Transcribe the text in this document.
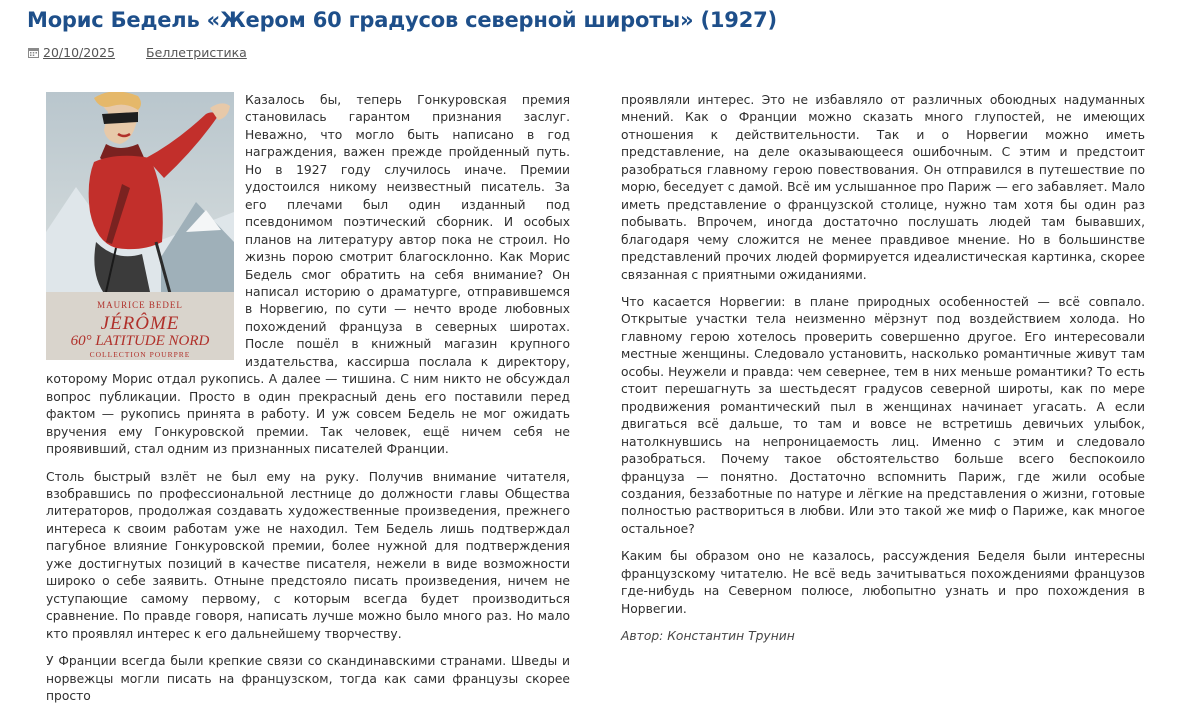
Морис Бедель «Жером 60 градусов северной широты» (1927)
20/10/2025 Беллетристика
MAURICE BEDEL
JÉRÔME
60° LATITUDE NORD
COLLECTION POURPRE

Казалось бы, теперь Гонкуровская премия становилась гарантом признания заслуг. Неважно, что могло быть написано в год награждения, важен прежде пройденный путь. Но в 1927 году случилось иначе. Премии удостоился никому неизвестный писатель. За его плечами был один изданный под псевдонимом поэтический сборник. И особых планов на литературу автор пока не строил. Но жизнь порою смотрит благосклонно. Как Морис Бедель смог обратить на себя внимание? Он написал историю о драматурге, отправившемся в Норвегию, по сути — нечто вроде любовных похождений француза в северных широтах. После пошёл в книжный магазин крупного издательства, кассирша послала к директору, которому Морис отдал рукопись. А далее — тишина. С ним никто не обсуждал вопрос публикации. Просто в один прекрасный день его поставили перед фактом — рукопись принята в работу. И уж совсем Бедель не мог ожидать вручения ему Гонкуровской премии. Так человек, ещё ничем себя не проявивший, стал одним из признанных писателей Франции.

Столь быстрый взлёт не был ему на руку. Получив внимание читателя, взобравшись по профессиональной лестнице до должности главы Общества литераторов, продолжая создавать художественные произведения, прежнего интереса к своим работам уже не находил. Тем Бедель лишь подтверждал пагубное влияние Гонкуровской премии, более нужной для подтверждения уже достигнутых позиций в качестве писателя, нежели в виде возможности широко о себе заявить. Отныне предстояло писать произведения, ничем не уступающие самому первому, с которым всегда будет производиться сравнение. По правде говоря, написать лучше можно было много раз. Но мало кто проявлял интерес к его дальнейшему творчеству.

У Франции всегда были крепкие связи со скандинавскими странами. Шведы и норвежцы могли писать на французском, тогда как сами французы скорее просто

проявляли интерес. Это не избавляло от различных обоюдных надуманных мнений. Как о Франции можно сказать много глупостей, не имеющих отношения к действительности. Так и о Норвегии можно иметь представление, на деле оказывающееся ошибочным. С этим и предстоит разобраться главному герою повествования. Он отправился в путешествие по морю, беседует с дамой. Всё им услышанное про Париж — его забавляет. Мало иметь представление о французской столице, нужно там хотя бы один раз побывать. Впрочем, иногда достаточно послушать людей там бывавших, благодаря чему сложится не менее правдивое мнение. Но в большинстве представлений прочих людей формируется идеалистическая картинка, скорее связанная с приятными ожиданиями.

Что касается Норвегии: в плане природных особенностей — всё совпало. Открытые участки тела неизменно мёрзнут под воздействием холода. Но главному герою хотелось проверить совершенно другое. Его интересовали местные женщины. Следовало установить, насколько романтичные живут там особы. Неужели и правда: чем севернее, тем в них меньше романтики? То есть стоит перешагнуть за шестьдесят градусов северной широты, как по мере продвижения романтический пыл в женщинах начинает угасать. А если двигаться всё дальше, то там и вовсе не встретишь девичьих улыбок, натолкнувшись на непроницаемость лиц. Именно с этим и следовало разобраться. Почему такое обстоятельство больше всего беспокоило француза — понятно. Достаточно вспомнить Париж, где жили особые создания, беззаботные по натуре и лёгкие на представления о жизни, готовые полностью раствориться в любви. Или это такой же миф о Париже, как многое остальное?

Каким бы образом оно не казалось, рассуждения Беделя были интересны французскому читателю. Не всё ведь зачитываться похождениями французов где-нибудь на Северном полюсе, любопытно узнать и про похождения в Норвегии.

Автор: Константин Трунин
